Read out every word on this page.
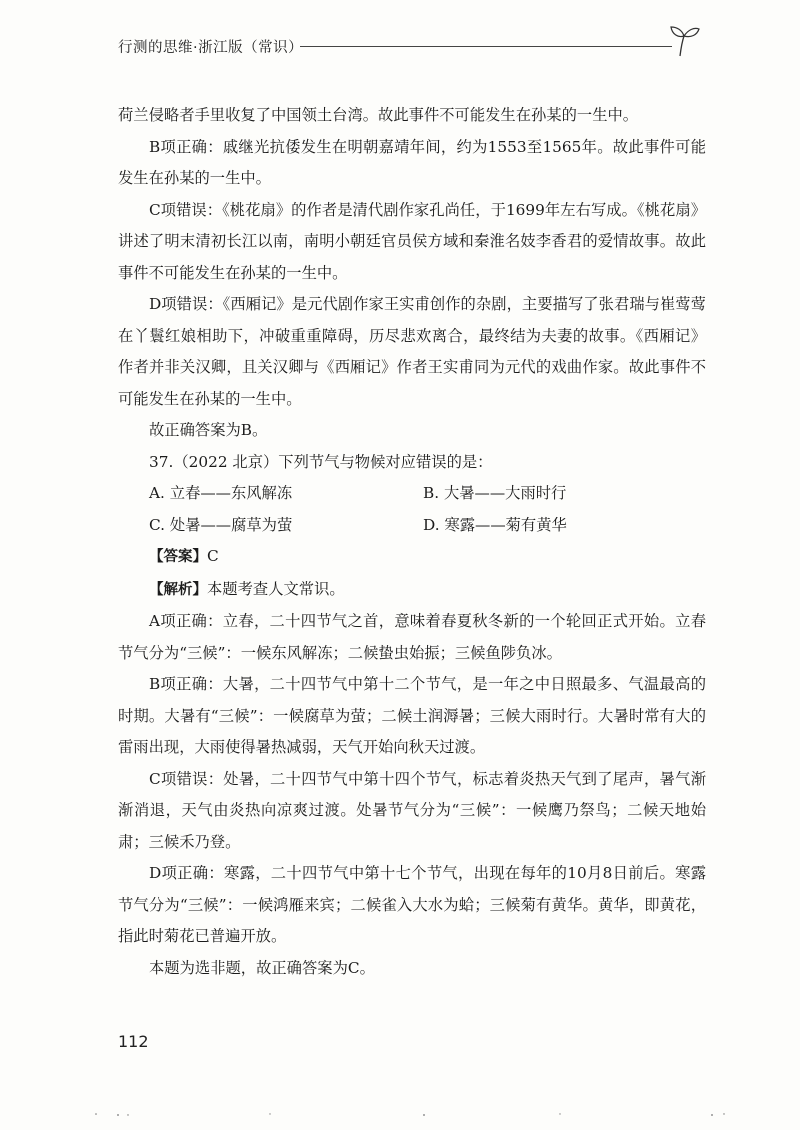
行测的思维·浙江版（常识）

荷兰侵略者手里收复了中国领土台湾。故此事件不可能发生在孙某的一生中。

B项正确：戚继光抗倭发生在明朝嘉靖年间，约为1553至1565年。故此事件可能发生在孙某的一生中。

C项错误：《桃花扇》的作者是清代剧作家孔尚任，于1699年左右写成。《桃花扇》讲述了明末清初长江以南，南明小朝廷官员侯方域和秦淮名妓李香君的爱情故事。故此事件不可能发生在孙某的一生中。

D项错误：《西厢记》是元代剧作家王实甫创作的杂剧，主要描写了张君瑞与崔莺莺在丫鬟红娘相助下，冲破重重障碍，历尽悲欢离合，最终结为夫妻的故事。《西厢记》作者并非关汉卿，且关汉卿与《西厢记》作者王实甫同为元代的戏曲作家。故此事件不可能发生在孙某的一生中。

故正确答案为B。

37.（2022 北京）下列节气与物候对应错误的是：

A. 立春——东风解冻	B. 大暑——大雨时行
C. 处暑——腐草为萤	D. 寒露——菊有黄华

【答案】C

【解析】本题考查人文常识。

A项正确：立春，二十四节气之首，意味着春夏秋冬新的一个轮回正式开始。立春节气分为“三候”：一候东风解冻；二候蛰虫始振；三候鱼陟负冰。

B项正确：大暑，二十四节气中第十二个节气，是一年之中日照最多、气温最高的时期。大暑有“三候”：一候腐草为萤；二候土润溽暑；三候大雨时行。大暑时常有大的雷雨出现，大雨使得暑热减弱，天气开始向秋天过渡。

C项错误：处暑，二十四节气中第十四个节气，标志着炎热天气到了尾声，暑气渐渐消退，天气由炎热向凉爽过渡。处暑节气分为“三候”：一候鹰乃祭鸟；二候天地始肃；三候禾乃登。

D项正确：寒露，二十四节气中第十七个节气，出现在每年的10月8日前后。寒露节气分为“三候”：一候鸿雁来宾；二候雀入大水为蛤；三候菊有黄华。黄华，即黄花，指此时菊花已普遍开放。

本题为选非题，故正确答案为C。

112
